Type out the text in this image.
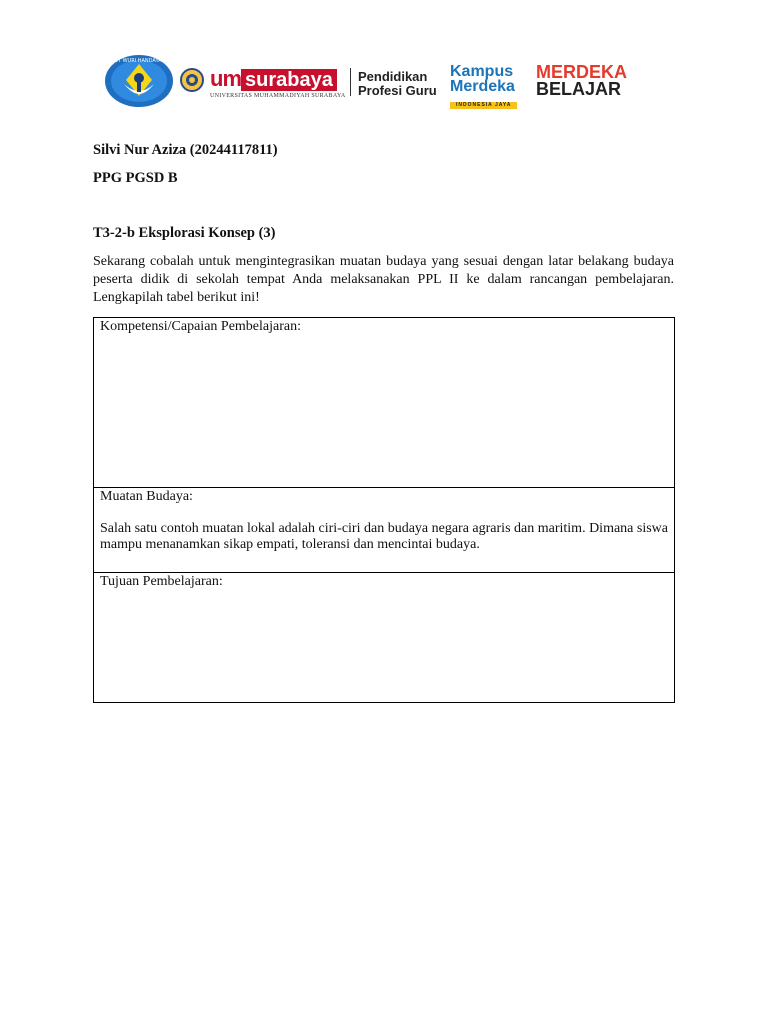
TUT WURI HANDAYANI
um surabaya
UNIVERSITAS MUHAMMADIYAH SURABAYA
Pendidikan
Profesi Guru
Kampus
Merdeka
INDONESIA JAYA
MERDEKA
BELAJAR
Silvi Nur Aziza (20244117811)
PPG PGSD B
T3-2-b Eksplorasi Konsep (3)
Sekarang cobalah untuk mengintegrasikan muatan budaya yang sesuai dengan latar belakang budaya peserta didik di sekolah tempat Anda melaksanakan PPL II ke dalam rancangan pembelajaran. Lengkapilah tabel berikut ini!
Kompetensi/Capaian Pembelajaran:
Muatan Budaya:

Salah satu contoh muatan lokal adalah ciri-ciri dan budaya negara agraris dan maritim. Dimana siswa mampu menanamkan sikap empati, toleransi dan mencintai budaya.

Tujuan Pembelajaran:
